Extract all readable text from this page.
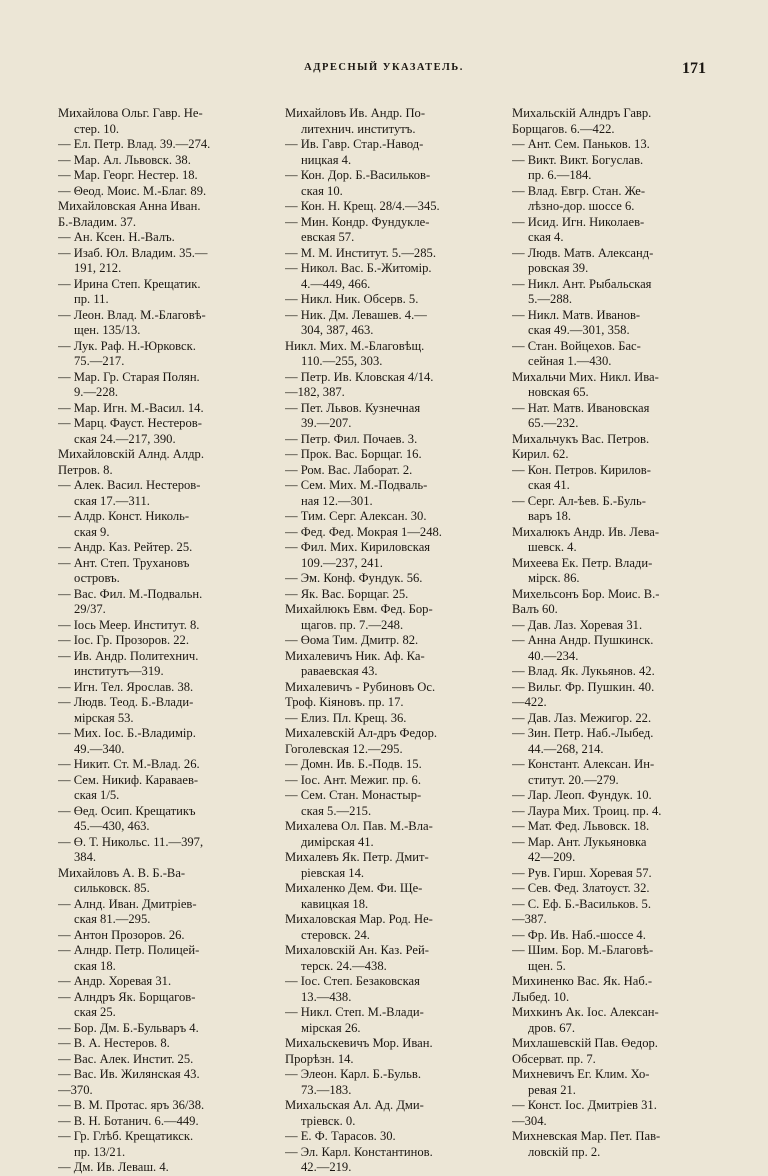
АДРЕСНЫЙ УКАЗАТЕЛЬ.	171
Михайлова Ольг. Гавр. Не-
стер. 10.
— Ел. Петр. Влад. 39.—274.
— Мар. Ал. Львовск. 38.
— Мар. Георг. Нестер. 18.
— Θеод. Моис. М.-Благ. 89.
Михайловская Анна Иван.
Б.-Владим. 37.
— Ан. Ксен. Н.-Валъ.
— Изаб. Юл. Владим. 35.—
191, 212.
— Ирина Степ. Крещатик.
пр. 11.
— Леон. Влад. М.-Благовѣ-
щен. 135/13.
— Лук. Раф. Н.-Юрковск.
75.—217.
— Мар. Гр. Старая Полян.
9.—228.
— Мар. Игн. М.-Васил. 14.
— Марц. Фауст. Нестеров-
ская 24.—217, 390.
Михайловскiй Алнд. Алдр.
Петров. 8.
— Алек. Васил. Нестеров-
ская 17.—311.
— Алдр. Конст. Николь-
ская 9.
— Андр. Каз. Рейтер. 25.
— Ант. Степ. Трухановъ
островъ.
— Вас. Фил. М.-Подвальн.
29/37.
— Іось Меер. Институт. 8.
— Іос. Гр. Прозоров. 22.
— Ив. Андр. Политехнич.
институтъ—319.
— Игн. Тел. Ярослав. 38.
— Людв. Теод. Б.-Влади-
мiрская 53.
— Мих. Іос. Б.-Владимiр.
49.—340.
— Никит. Ст. М.-Влад. 26.
— Сем. Никиф. Караваев-
ская 1/5.
— Өед. Осип. Крещатикъ
45.—430, 463.
— Ө. Т. Никольс. 11.—397,
384.
Михайловъ А. В. Б.-Ва-
сильковск. 85.
— Алнд. Иван. Дмитрiев-
ская 81.—295.
— Антон Прозоров. 26.
— Алндр. Петр. Полицей-
ская 18.
— Андр. Хоревая 31.
— Алндръ Як. Борщагов-
ская 25.
— Бор. Дм. Б.-Бульваръ 4.
— В. А. Нестеров. 8.
— Вас. Алек. Инстит. 25.
— Вас. Ив. Жилянская 43.
—370.
— В. М. Протас. яръ 36/38.
— В. Н. Ботанич. 6.—449.
— Гр. Глѣб. Крещатикск.
пр. 13/21.
— Дм. Ив. Леваш. 4.
Михайловъ Ив. Андр. По-
литехнич. институтъ.
— Ив. Гавр. Стар.-Навод-
ницкая 4.
— Кон. Дор. Б.-Васильков-
ская 10.
— Кон. Н. Крещ. 28/4.—345.
— Мин. Кондр. Фундукле-
евская 57.
— М. М. Институт. 5.—285.
— Никол. Вас. Б.-Житомiр.
4.—449, 466.
— Никл. Ник. Обсерв. 5.
— Ник. Дм. Левашев. 4.—
304, 387, 463.
Никл. Мих. М.-Благовѣщ.
110.—255, 303.
— Петр. Ив. Кловская 4/14.
—182, 387.
— Пет. Львов. Кузнечная
39.—207.
— Петр. Фил. Почаев. 3.
— Прок. Вас. Борщаг. 16.
— Ром. Вас. Лаборат. 2.
— Сем. Мих. М.-Подваль-
ная 12.—301.
— Тим. Серг. Алексан. 30.
— Фед. Фед. Мокрая 1—248.
— Фил. Мих. Кириловская
109.—237, 241.
— Эм. Конф. Фундук. 56.
— Як. Вас. Борщаг. 25.
Михайлюкъ Евм. Фед. Бор-
щагов. пр. 7.—248.
— Өома Тим. Дмитр. 82.
Михалевичъ Ник. Аф. Ка-
раваевская 43.
Михалевичъ - Рубиновъ Ос.
Троф. Кiяновъ. пр. 17.
— Елиз. Пл. Крещ. 36.
Михалевскiй Ал-дръ Федор.
Гоголевская 12.—295.
— Домн. Ив. Б.-Подв. 15.
— Іос. Ант. Межиг. пр. 6.
— Сем. Стан. Монастыр-
ская 5.—215.
Михалева Ол. Пав. М.-Вла-
димiрская 41.
Михалевъ Як. Петр. Дмит-
рiевская 14.
Михаленко Дем. Фи. Ще-
кавицкая 18.
Михаловская Мар. Род. Не-
стеровск. 24.
Михаловскiй Ан. Каз. Рей-
терск. 24.—438.
— Іос. Степ. Безаковская
13.—438.
— Никл. Степ. М.-Влади-
мiрская 26.
Михальскевичъ Мор. Иван.
Прорѣзн. 14.
— Элеон. Карл. Б.-Бульв.
73.—183.
Михальская Ал. Ад. Дми-
трiевск. 0.
— Е. Ф. Тарасов. 30.
— Эл. Карл. Константинов.
42.—219.
Михальскiй Алндръ Гавр.
Борщагов. 6.—422.
— Ант. Сем. Паньков. 13.
— Викт. Викт. Богуслав.
пр. 6.—184.
— Влад. Евгр. Стан. Же-
лѣзно-дор. шоссе 6.
— Исид. Игн. Николаев-
ская 4.
— Людв. Матв. Александ-
ровская 39.
— Никл. Ант. Рыбальская
5.—288.
— Никл. Матв. Иванов-
ская 49.—301, 358.
— Стан. Войцехов. Бас-
сейная 1.—430.
Михальчи Мих. Никл. Ива-
новская 65.
— Нат. Матв. Ивановская
65.—232.
Михальчукъ Вас. Петров.
Кирил. 62.
— Кон. Петров. Кирилов-
ская 41.
— Серг. Ал-ѣев. Б.-Буль-
варъ 18.
Михалюкъ Андр. Ив. Лева-
шевск. 4.
Михеева Ек. Петр. Влади-
мiрск. 86.
Михельсонъ Бор. Моис. В.-
Валъ 60.
— Дав. Лаз. Хоревая 31.
— Анна Андр. Пушкинск.
40.—234.
— Влад. Як. Лукьянов. 42.
— Вильг. Фр. Пушкин. 40.
—422.
— Дав. Лаз. Межигор. 22.
— Зин. Петр. Наб.-Лыбед.
44.—268, 214.
— Констант. Алексан. Ин-
ститут. 20.—279.
— Лар. Леоп. Фундук. 10.
— Лаура Мих. Троиц. пр. 4.
— Мат. Фед. Львовск. 18.
— Мар. Ант. Лукьяновка
42—209.
— Рув. Гирш. Хоревая 57.
— Сев. Фед. Златоуст. 32.
— С. Еф. Б.-Васильков. 5.
—387.
— Фр. Ив. Наб.-шоссе 4.
— Шим. Бор. М.-Благовѣ-
щен. 5.
Михиненко Вас. Як. Наб.-
Лыбед. 10.
Михкинъ Ак. Іос. Алексан-
дров. 67.
Михлашевскiй Пав. Өедор.
Обсерват. пр. 7.
Михневичъ Ег. Клим. Хо-
ревая 21.
— Конст. Іос. Дмитрiев 31.
—304.
Михневская Мар. Пет. Пав-
ловскiй пр. 2.
